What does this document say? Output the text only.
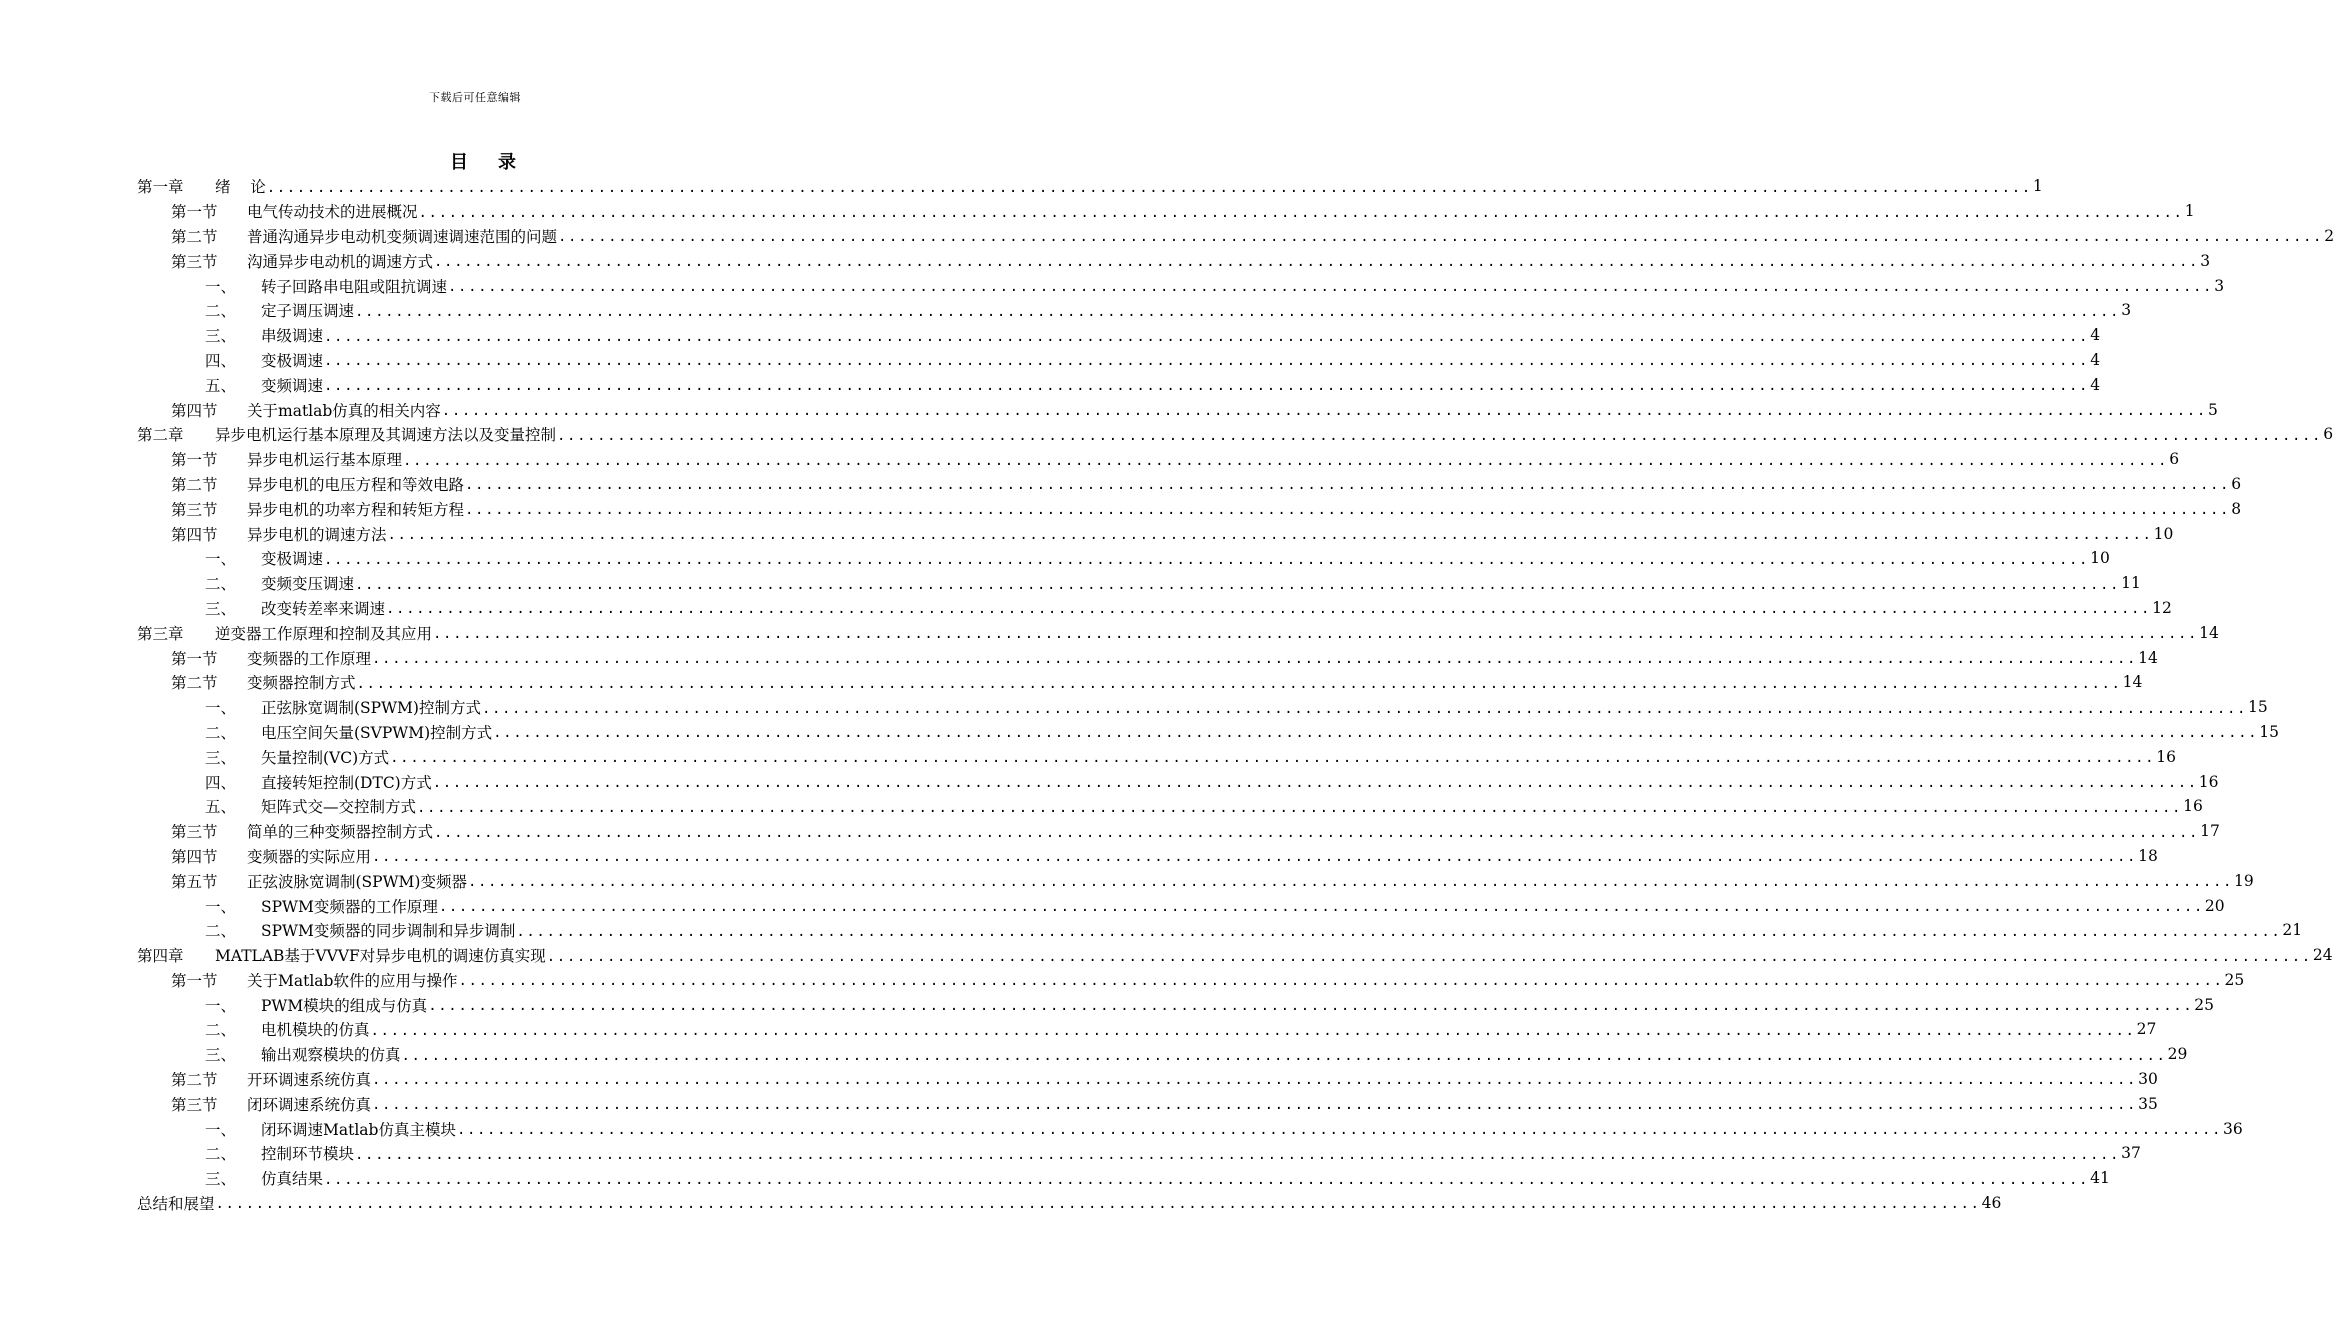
下载后可任意编辑
目录
第一章	绪    论 .....	1
第一节	电气传动技术的进展概况 .....	1
第二节	普通沟通异步电动机变频调速调速范围的问题 .....	2
第三节	沟通异步电动机的调速方式 .....	3
一、	转子回路串电阻或阻抗调速 .....	3
二、	定子调压调速 .....	3
三、	串级调速 .....	4
四、	变极调速 .....	4
五、	变频调速 .....	4
第四节	关于matlab仿真的相关内容 .....	5
第二章	异步电机运行基本原理及其调速方法以及变量控制 .....	6
第一节	异步电机运行基本原理 .....	6
第二节	异步电机的电压方程和等效电路 .....	6
第三节	异步电机的功率方程和转矩方程 .....	8
第四节	异步电机的调速方法 .....	10
一、	变极调速 .....	10
二、	变频变压调速 .....	11
三、	改变转差率来调速 .....	12
第三章	逆变器工作原理和控制及其应用 .....	14
第一节	变频器的工作原理 .....	14
第二节	变频器控制方式 .....	14
一、	正弦脉宽调制(SPWM)控制方式 .....	15
二、	电压空间矢量(SVPWM)控制方式 .....	15
三、	矢量控制(VC)方式 .....	16
四、	直接转矩控制(DTC)方式 .....	16
五、	矩阵式交—交控制方式 .....	16
第三节	简单的三种变频器控制方式 .....	17
第四节	变频器的实际应用 .....	18
第五节	正弦波脉宽调制(SPWM)变频器 .....	19
一、	SPWM变频器的工作原理 .....	20
二、	SPWM变频器的同步调制和异步调制 .....	21
第四章	MATLAB基于VVVF对异步电机的调速仿真实现 .....	24
第一节	关于Matlab软件的应用与操作 .....	25
一、	PWM模块的组成与仿真 .....	25
二、	电机模块的仿真 .....	27
三、	输出观察模块的仿真 .....	29
第二节	开环调速系统仿真 .....	30
第三节	闭环调速系统仿真 .....	35
一、	闭环调速Matlab仿真主模块 .....	36
二、	控制环节模块 .....	37
三、	仿真结果 .....	41
总结和展望 .....	46
